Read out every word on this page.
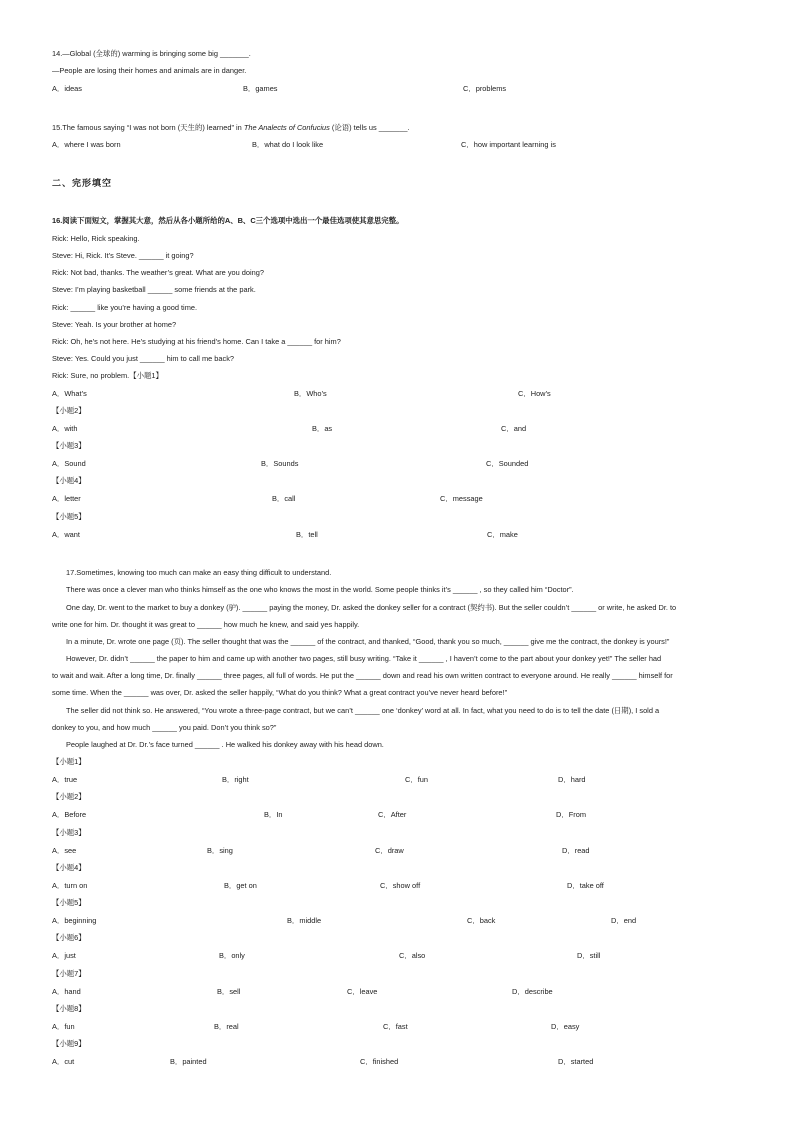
14.—Global (全球的) warming is bringing some big _______.
—People are losing their homes and animals are in danger.
A．ideas	B．games	C．problems
15.The famous saying “I was not born (天生的) learned” in The Analects of Confucius (论语) tells us _______.
A．where I was born	B．what do I look like	C．how important learning is
二、完形填空
16.阅读下面短文，掌握其大意，然后从各小题所给的A、B、C三个选项中选出一个最佳选项使其意思完整。
Rick: Hello, Rick speaking.
Steve: Hi, Rick. It’s Steve. ______ it going?
Rick: Not bad, thanks. The weather’s great. What are you doing?
Steve: I’m playing basketball ______ some friends at the park.
Rick: ______ like you’re having a good time.
Steve: Yeah. Is your brother at home?
Rick: Oh, he’s not here. He’s studying at his friend’s home. Can I take a ______ for him?
Steve: Yes. Could you just ______ him to call me back?
Rick: Sure, no problem.【小题1】
A．What’s	B．Who’s	C．How’s
【小题2】
A．with	B．as	C．and
【小题3】
A．Sound	B．Sounds	C．Sounded
【小题4】
A．letter	B．call	C．message
【小题5】
A．want	B．tell	C．make
17.Sometimes, knowing too much can make an easy thing difficult to understand.
There was once a clever man who thinks himself as the one who knows the most in the world. Some people thinks it’s ______ , so they called him “Doctor”.
One day, Dr. went to the market to buy a donkey (驴). ______ paying the money, Dr. asked the donkey seller for a contract (契约书). But the seller couldn’t ______ or write, he asked Dr. to
write one for him. Dr. thought it was great to ______ how much he knew, and said yes happily.
In a minute, Dr. wrote one page (页). The seller thought that was the ______ of the contract, and thanked, “Good, thank you so much, ______ give me the contract, the donkey is yours!”
However, Dr. didn’t ______ the paper to him and came up with another two pages, still busy writing. “Take it ______ , I haven’t come to the part about your donkey yet!” The seller had
to wait and wait. After a long time, Dr. finally ______ three pages, all full of words. He put the ______ down and read his own written contract to everyone around. He really ______ himself for
some time. When the ______ was over, Dr. asked the seller happily, “What do you think? What a great contract you’ve never heard before!”
The seller did not think so. He answered, “You wrote a three-page contract, but we can’t ______ one ‘donkey’ word at all. In fact, what you need to do is to tell the date (日期), I sold a
donkey to you, and how much ______ you paid. Don’t you think so?”
People laughed at Dr. Dr.’s face turned ______ . He walked his donkey away with his head down.
【小题1】
A．true	B．right	C．fun	D．hard
【小题2】
A．Before	B．In	C．After	D．From
【小题3】
A．see	B．sing	C．draw	D．read
【小题4】
A．turn on	B．get on	C．show off	D．take off
【小题5】
A．beginning	B．middle	C．back	D．end
【小题6】
A．just	B．only	C．also	D．still
【小题7】
A．hand	B．sell	C．leave	D．describe
【小题8】
A．fun	B．real	C．fast	D．easy
【小题9】
A．cut	B．painted	C．finished	D．started
